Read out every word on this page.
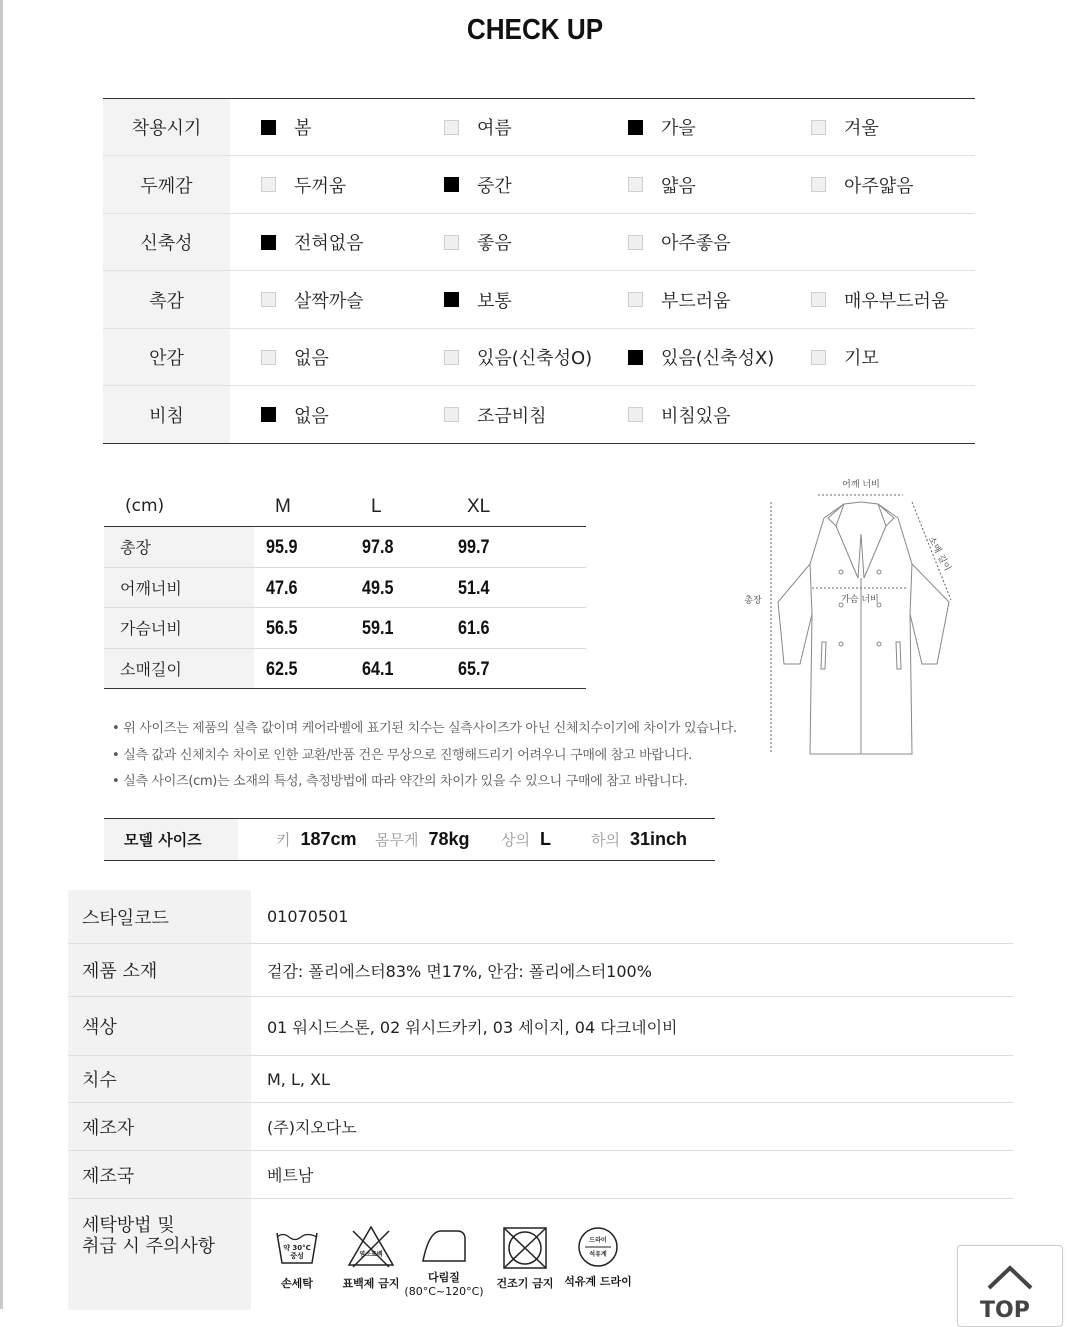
CHECK UP
착용시기	봄	여름	가을	겨울
두께감	두꺼움	중간	얇음	아주얇음
신축성	전혀없음	좋음	아주좋음
촉감	살짝까슬	보통	부드러움	매우부드러움
안감	없음	있음(신축성O)	있음(신축성X)	기모
비침	없음	조금비침	비침있음
(cm)	M	L	XL
총장	95.9	97.8	99.7
어깨너비	47.6	49.5	51.4
가슴너비	56.5	59.1	61.6
소매길이	62.5	64.1	65.7
어깨 너비
총장
소매 길이
가슴 너비
• 위 사이즈는 제품의 실측 값이며 케어라벨에 표기된 치수는 실측사이즈가 아닌 신체치수이기에 차이가 있습니다.
• 실측 값과 신체치수 차이로 인한 교환/반품 건은 무상으로 진행해드리기 어려우니 구매에 참고 바랍니다.
• 실측 사이즈(cm)는 소재의 특성, 측정방법에 따라 약간의 차이가 있을 수 있으니 구매에 참고 바랍니다.
모델 사이즈	키 187cm 몸무게 78kg 상의 L	하의 31inch
스타일코드	01070501
제품 소재	겉감: 폴리에스터83% 면17%, 안감: 폴리에스터100%
색상	01 워시드스톤, 02 워시드카키, 03 세이지, 04 다크네이비
치수	M, L, XL
제조자	(주)지오다노
제조국	베트남
세탁방법 및
취급 시 주의사항	약 30°C
중성
손세탁
염소표백
표백제 금지	다림질
(80°C~120°C)
건조기 금지
드라이
석유계
석유계 드라이
TOP
